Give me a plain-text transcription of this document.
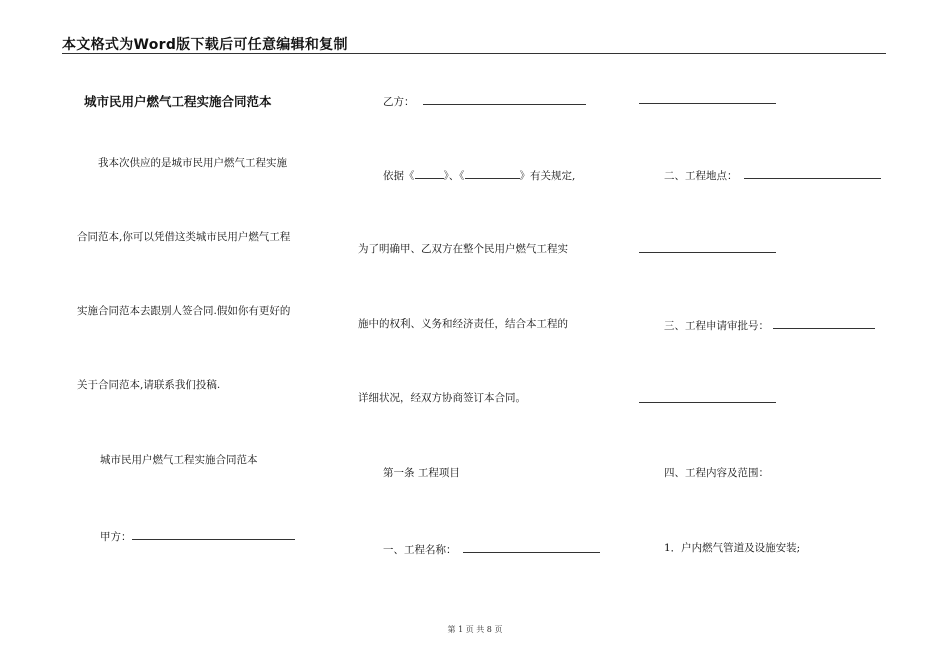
本文格式为Word版下载后可任意编辑和复制
城市民用户燃气工程实施合同范本
我本次供应的是城市民用户燃气工程实施
合同范本,你可以凭借这类城市民用户燃气工程
实施合同范本去跟别人签合同.假如你有更好的
关于合同范本,请联系我们投稿.
城市民用户燃气工程实施合同范本
甲方：
乙方：
依据《	》、《	》有关规定,
为了明确甲、乙双方在整个民用户燃气工程实
施中的权利、义务和经济责任，结合本工程的
详细状况，经双方协商签订本合同。
第一条 工程项目
一、工程名称：
二、工程地点：
三、工程申请审批号：
四、工程内容及范围：
1．户内燃气管道及设施安装;
第 1 页 共 8 页
